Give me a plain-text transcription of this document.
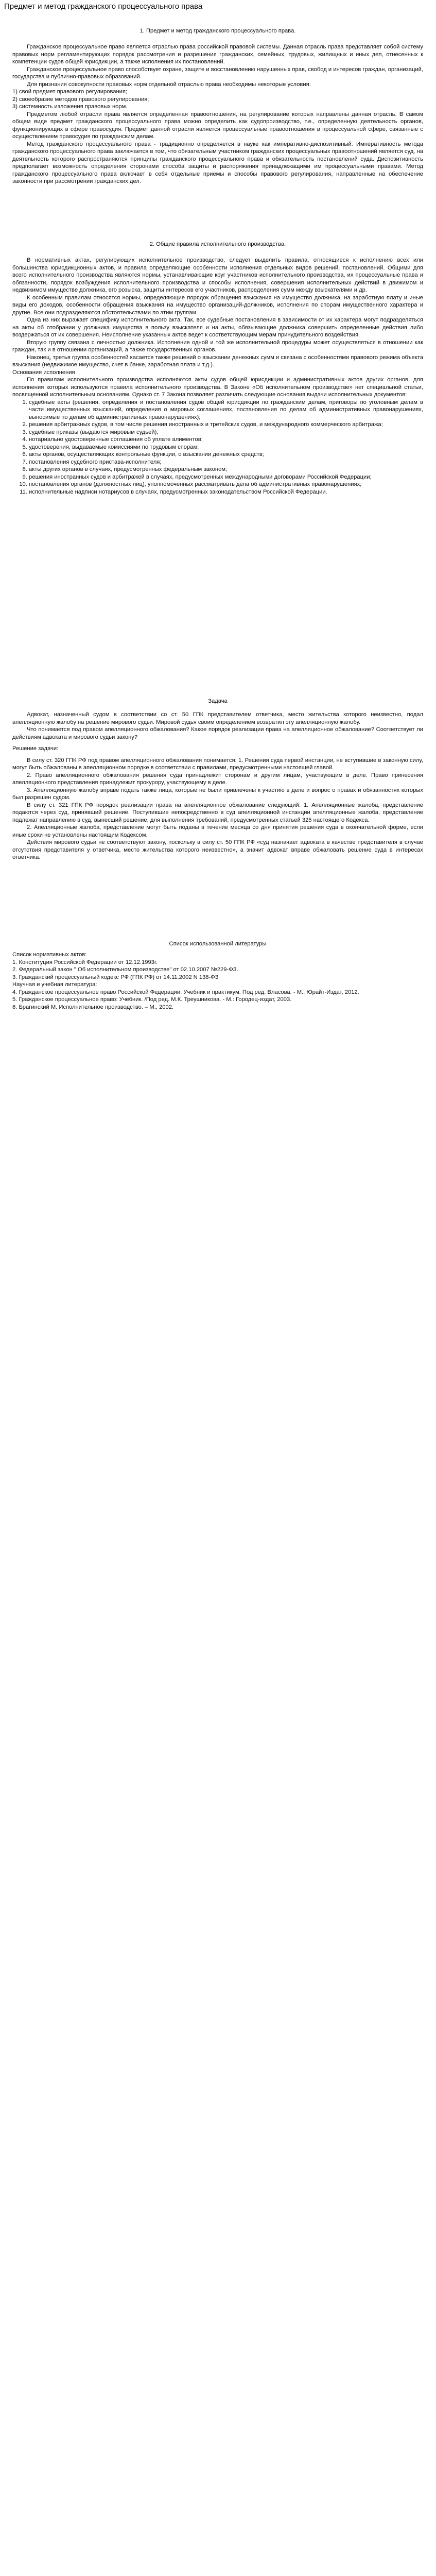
Предмет и метод гражданского процессуального права
1. Предмет и метод гражданского процессуального права.

Гражданское процессуальное право является отраслью права российской правовой системы. Данная отрасль права представляет собой систему правовых норм регламентирующих порядок рассмотрения и разрешения гражданских, семейных, трудовых, жилищных и иных дел, отнесенных к компетенции судов общей юрисдикции, а также исполнения их постановлений.

Гражданское процессуальное право способствует охране, защите и восстановлению нарушенных прав, свобод и интересов граждан, организаций, государства и публично-правовых образований.

Для признания совокупности правовых норм отдельной отраслью права необходимы некоторые условия:

1) свой предмет правового регулирования;

2) своеобразие методов правового регулирования;

3) системность изложения правовых норм.

Предметом любой отрасли права является определенная правоотношения, на регулирование которых направлены данная отрасль. В самом общем виде предмет гражданского процессуального права можно определить как судопроизводство, т.е., определенную деятельность органов, функционирующих в сфере правосудия. Предмет данной отрасли является процессуальные правоотношения в процессуальной сфере, связанные с осуществлением правосудия по гражданским делам.

Метод гражданского процессуального права - традиционно определяется в науке как императивно-диспозитивный. Императивность метода гражданского процессуального права заключается в том, что обязательным участником гражданских процессуальных правоотношений является суд, на деятельность которого распространяются принципы гражданского процессуального права и обязательность постановлений суда. Диспозитивность предполагает возможность определения сторонами способа защиты и распоряжения принадлежащими им процессуальными правами. Метод гражданского процессуального права включает в себя отдельные приемы и способы правового регулирования, направленные на обеспечение законности при рассмотрении гражданских дел.

2. Общие правила исполнительного производства.

В нормативных актах, регулирующих исполнительное производство, следует выделить правила, относящиеся к исполнению всех или большинства юрисдикционных актов, и правила определяющие особенности исполнения отдельных видов решений, постановлений. Общими для всего исполнительного производства являются нормы, устанавливающие круг участников исполнительного производства, их процессуальные права и обязанности, порядок возбуждения исполнительного производства и способы исполнения, совершения исполнительных действий в движимом и недвижимом имуществе должника, его розыска, защиты интересов его участников, распределения сумм между взыскателями и др.

К особенным правилам относятся нормы, определяющие порядок обращения взыскания на имущество должника, на заработную плату и иные виды его доходов, особенности обращения взыскания на имущество организаций-должников, исполнения по спорам имущественного характера и другие. Все они подразделяются обстоятельствами по этим группам.

Одна из них выражает специфику исполнительного акта. Так, все судебные постановления в зависимости от их характера могут подразделяться на акты об отобрании у должника имущества в пользу взыскателя и на акты, обязывающие должника совершить определенные действия либо воздержаться от их совершения. Неисполнение указанных актов ведет к соответствующим мерам принудительного воздействия.

Вторую группу связана с личностью должника. Исполнение одной и той же исполнительной процедуры может осуществляться в отношении как граждан, так и в отношении организаций, а также государственных органов.

Наконец, третья группа особенностей касается также решений о взыскании денежных сумм и связана с особенностями правового режима объекта взыскания (недвижимое имущество, счет в банке, заработная плата и т.д.).

Основания исполнения

По правилам исполнительного производства исполняются акты судов общей юрисдикции и административных актов других органов, для исполнения которых используются правила исполнительного производства. В Законе «Об исполнительном производстве» нет специальной статьи, посвященной исполнительным основаниям. Однако ст. 7 Закона позволяет различать следующие основания выдачи исполнительных документов:

1. судебные акты (решения, определения и постановления судов общей юрисдикции по гражданским делам, приговоры по уголовным делам в части имущественных взысканий, определения о мировых соглашениях, постановления по делам об административных правонарушениях, выносимые по делам об административных правонарушениях);
2. решения арбитражных судов, в том числе решения иностранных и третейских судов, и международного коммерческого арбитража;
3. судебные приказы (выдаются мировым судьей);
4. нотариально удостоверенные соглашения об уплате алиментов;
5. удостоверения, выдаваемые комиссиями по трудовым спорам;
6. акты органов, осуществляющих контрольные функции, о взыскании денежных средств;
7. постановления судебного пристава-исполнителя;
8. акты других органов в случаях, предусмотренных федеральным законом;
9. решения иностранных судов и арбитражей в случаях, предусмотренных международными договорами Российской Федерации;
10. постановления органов (должностных лиц), уполномоченных рассматривать дела об административных правонарушениях;
11. исполнительные надписи нотариусов в случаях, предусмотренных законодательством Российской Федерации.
Задача

Адвокат, назначенный судом в соответствии со ст. 50 ГПК представителем ответчика, место жительства которого неизвестно, подал апелляционную жалобу на решение мирового судьи. Мировой судья своим определением возвратил эту апелляционную жалобу.

Что понимается под правом апелляционного обжалования? Какое порядок реализации права на апелляционное обжалование? Соответствует ли действиям адвоката и мирового судьи закону?

Решение задачи:

В силу ст. 320 ГПК РФ под правом апелляционного обжалования понимается: 1. Решения суда первой инстанции, не вступившие в законную силу, могут быть обжалованы в апелляционном порядке в соответствии с правилами, предусмотренными настоящей главой.

2. Право апелляционного обжалования решения суда принадлежит сторонам и другим лицам, участвующим в деле. Право принесения апелляционного представления принадлежит прокурору, участвующему в деле.

3. Апелляционную жалобу вправе подать также лица, которые не были привлечены к участию в деле и вопрос о правах и обязанностях которых был разрешен судом.

В силу ст. 321 ГПК РФ порядок реализации права на апелляционное обжалование следующий: 1. Апелляционные жалоба, представление подаются через суд, принявший решение. Поступившие непосредственно в суд апелляционной инстанции апелляционные жалоба, представление подлежат направлению в суд, вынесший решение, для выполнения требований, предусмотренных статьей 325 настоящего Кодекса.

2. Апелляционные жалоба, представление могут быть поданы в течение месяца со дня принятия решения суда в окончательной форме, если иные сроки не установлены настоящим Кодексом.

Действия мирового судьи не соответствуют закону, поскольку в силу ст. 50 ГПК РФ «суд назначает адвоката в качестве представителя в случае отсутствия представителя у ответчика, место жительства которого неизвестно», а значит адвокат вправе обжаловать решение суда в интересах ответчика.

Список использованной литературы

Список нормативных актов:

1. Конституция Российской Федерации от 12.12.1993г.

2. Федеральный закон " Об исполнительном производстве" от 02.10.2007 №229-ФЗ.

3. Гражданский процессуальный кодекс РФ (ГПК РФ) от 14.11.2002 N 138-ФЗ

Научная и учебная литература:

4. Гражданское процессуальное право Российской Федерации: Учебник и практикум. Под ред. Власова. - М.: Юрайт-Издат, 2012.

5. Гражданское процессуальное право: Учебник. /Под ред. М.К. Треушникова. - М.: Городец-издат, 2003.

6. Брагинский М. Исполнительное производство. – М., 2002.
